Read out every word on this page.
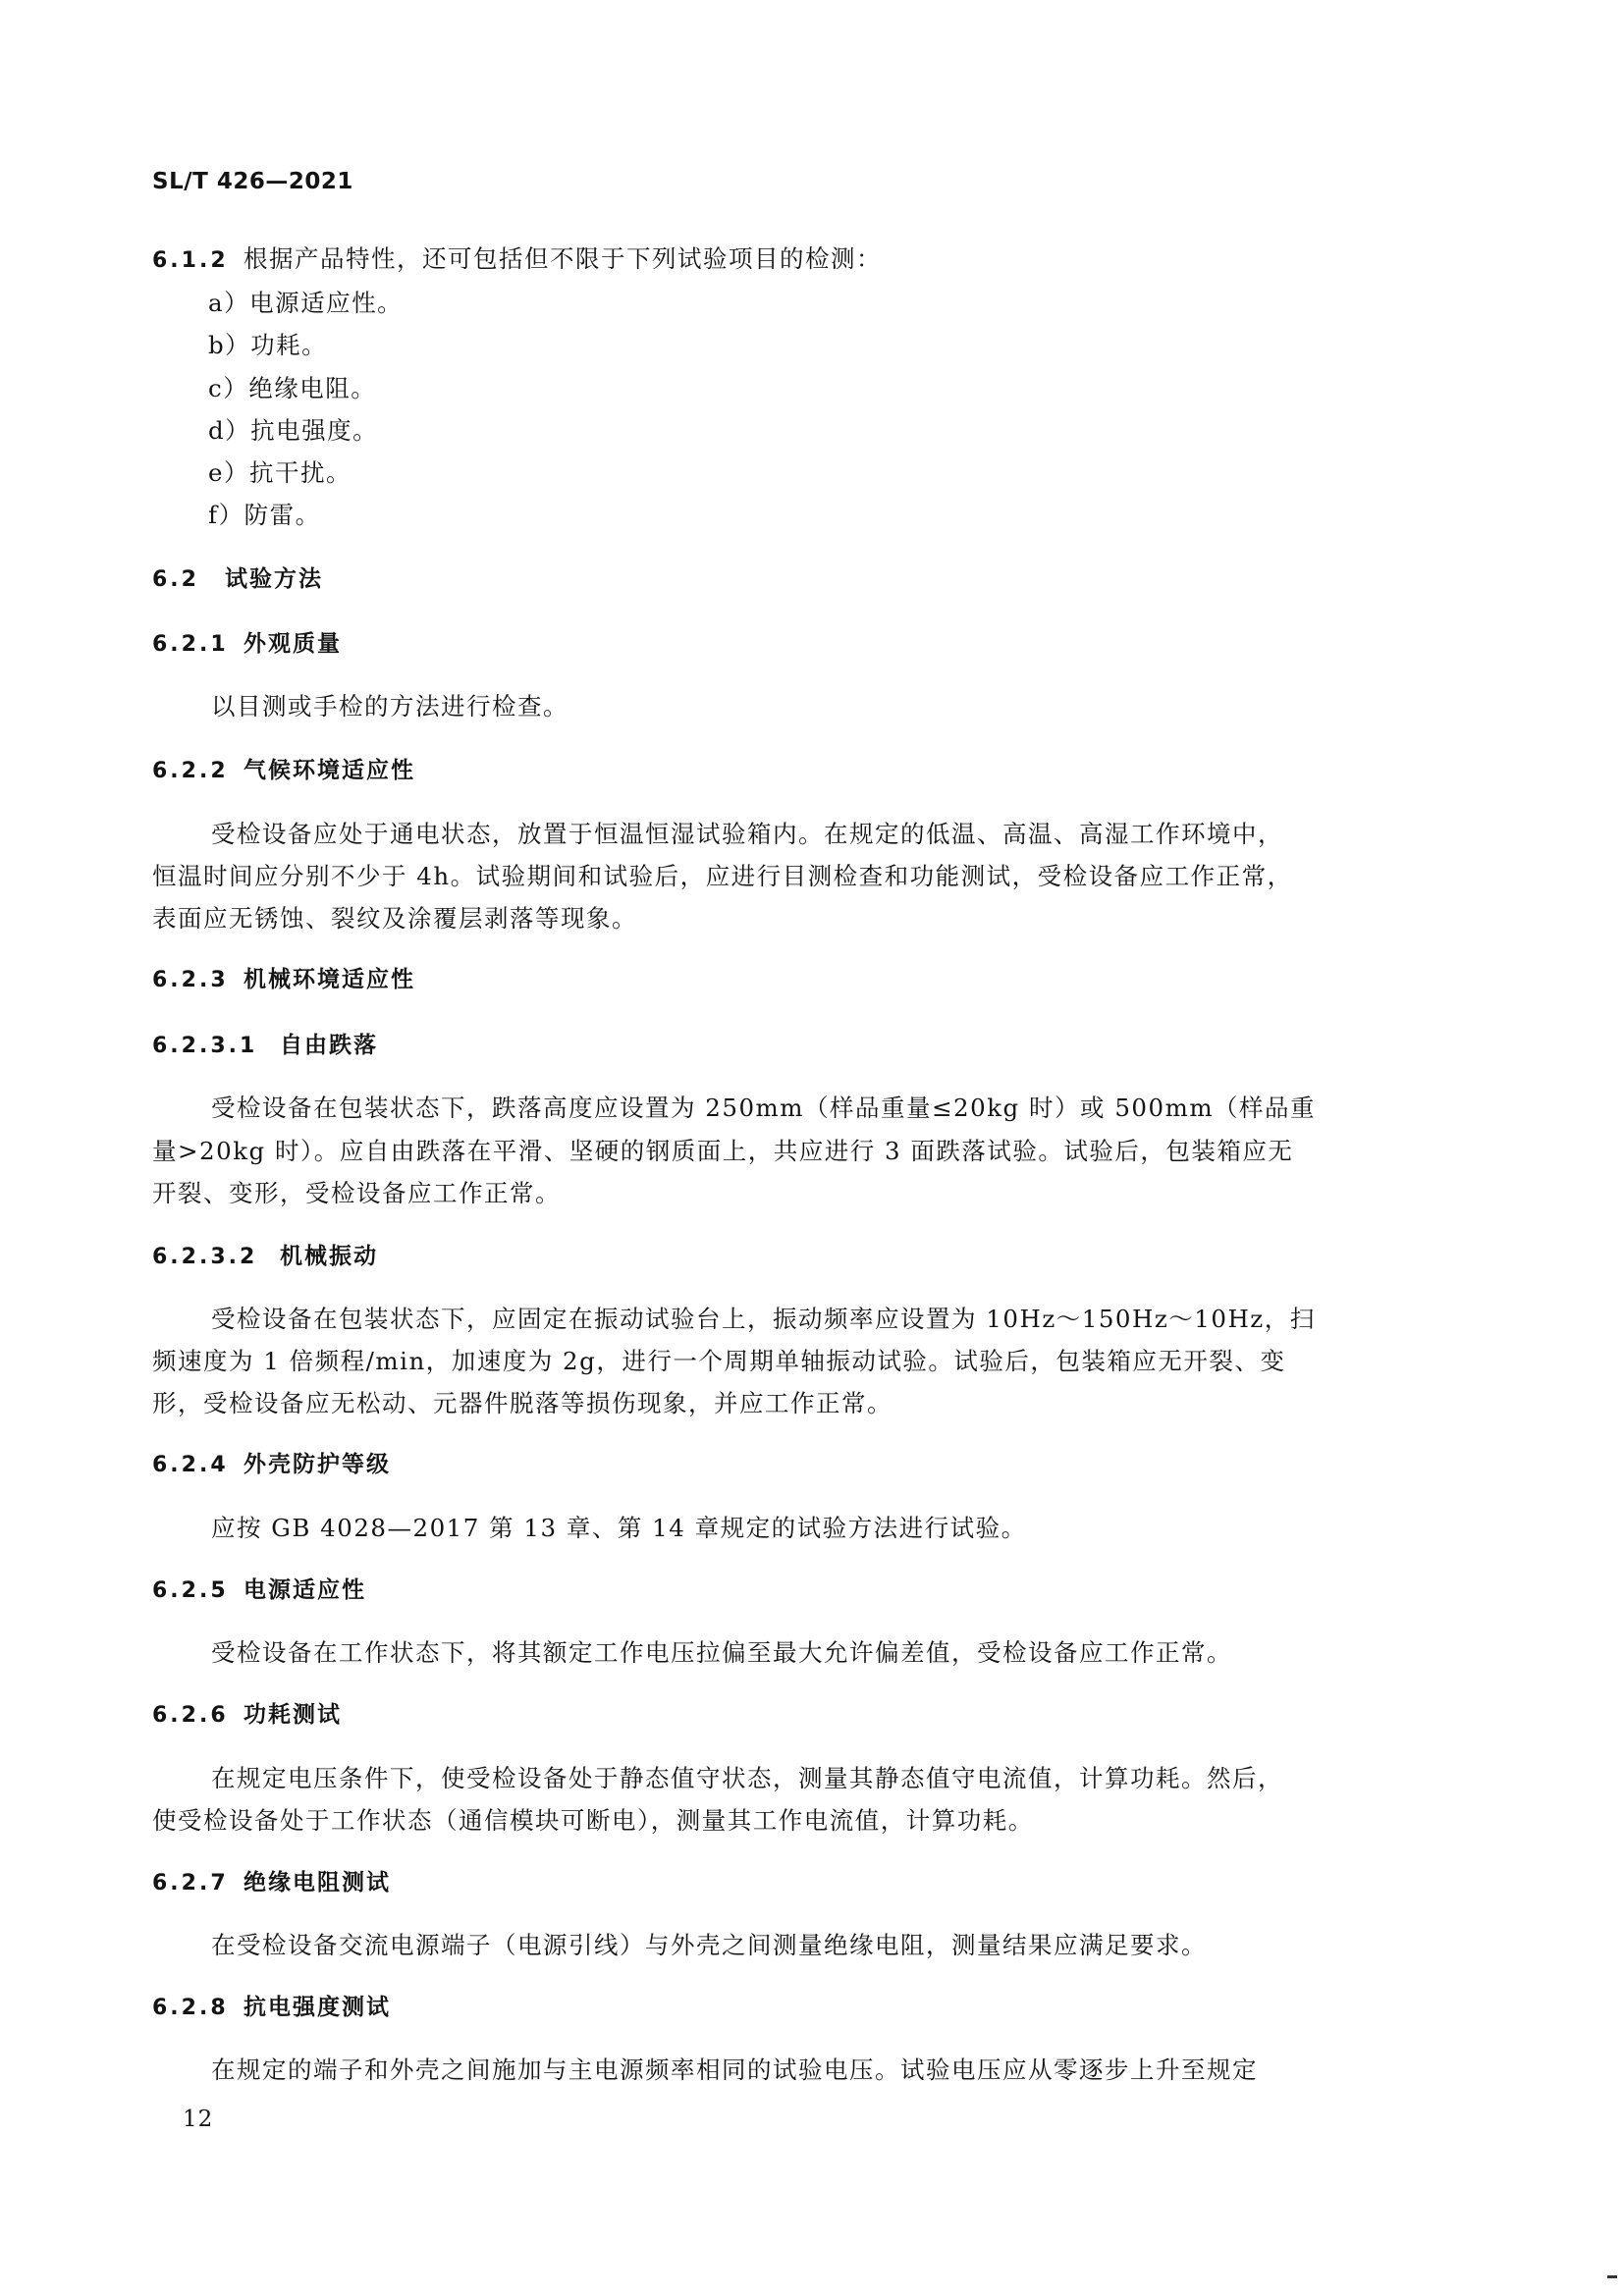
SL/T 426—2021
6.1.2 根据产品特性，还可包括但不限于下列试验项目的检测：
a）电源适应性。
b）功耗。
c）绝缘电阻。
d）抗电强度。
e）抗干扰。
f）防雷。
6.2 试验方法
6.2.1 外观质量
以目测或手检的方法进行检查。
6.2.2 气候环境适应性
受检设备应处于通电状态，放置于恒温恒湿试验箱内。在规定的低温、高温、高湿工作环境中，
恒温时间应分别不少于 4h。试验期间和试验后，应进行目测检查和功能测试，受检设备应工作正常，
表面应无锈蚀、裂纹及涂覆层剥落等现象。
6.2.3 机械环境适应性
6.2.3.1 自由跌落
受检设备在包装状态下，跌落高度应设置为 250mm（样品重量≤20kg 时）或 500mm（样品重
量>20kg 时）。应自由跌落在平滑、坚硬的钢质面上，共应进行 3 面跌落试验。试验后，包装箱应无
开裂、变形，受检设备应工作正常。
6.2.3.2 机械振动
受检设备在包装状态下，应固定在振动试验台上，振动频率应设置为 10Hz～150Hz～10Hz，扫
频速度为 1 倍频程/min，加速度为 2g，进行一个周期单轴振动试验。试验后，包装箱应无开裂、变
形，受检设备应无松动、元器件脱落等损伤现象，并应工作正常。
6.2.4 外壳防护等级
应按 GB 4028—2017 第 13 章、第 14 章规定的试验方法进行试验。
6.2.5 电源适应性
受检设备在工作状态下，将其额定工作电压拉偏至最大允许偏差值，受检设备应工作正常。
6.2.6 功耗测试
在规定电压条件下，使受检设备处于静态值守状态，测量其静态值守电流值，计算功耗。然后，
使受检设备处于工作状态（通信模块可断电），测量其工作电流值，计算功耗。
6.2.7 绝缘电阻测试
在受检设备交流电源端子（电源引线）与外壳之间测量绝缘电阻，测量结果应满足要求。
6.2.8 抗电强度测试
在规定的端子和外壳之间施加与主电源频率相同的试验电压。试验电压应从零逐步上升至规定
12
